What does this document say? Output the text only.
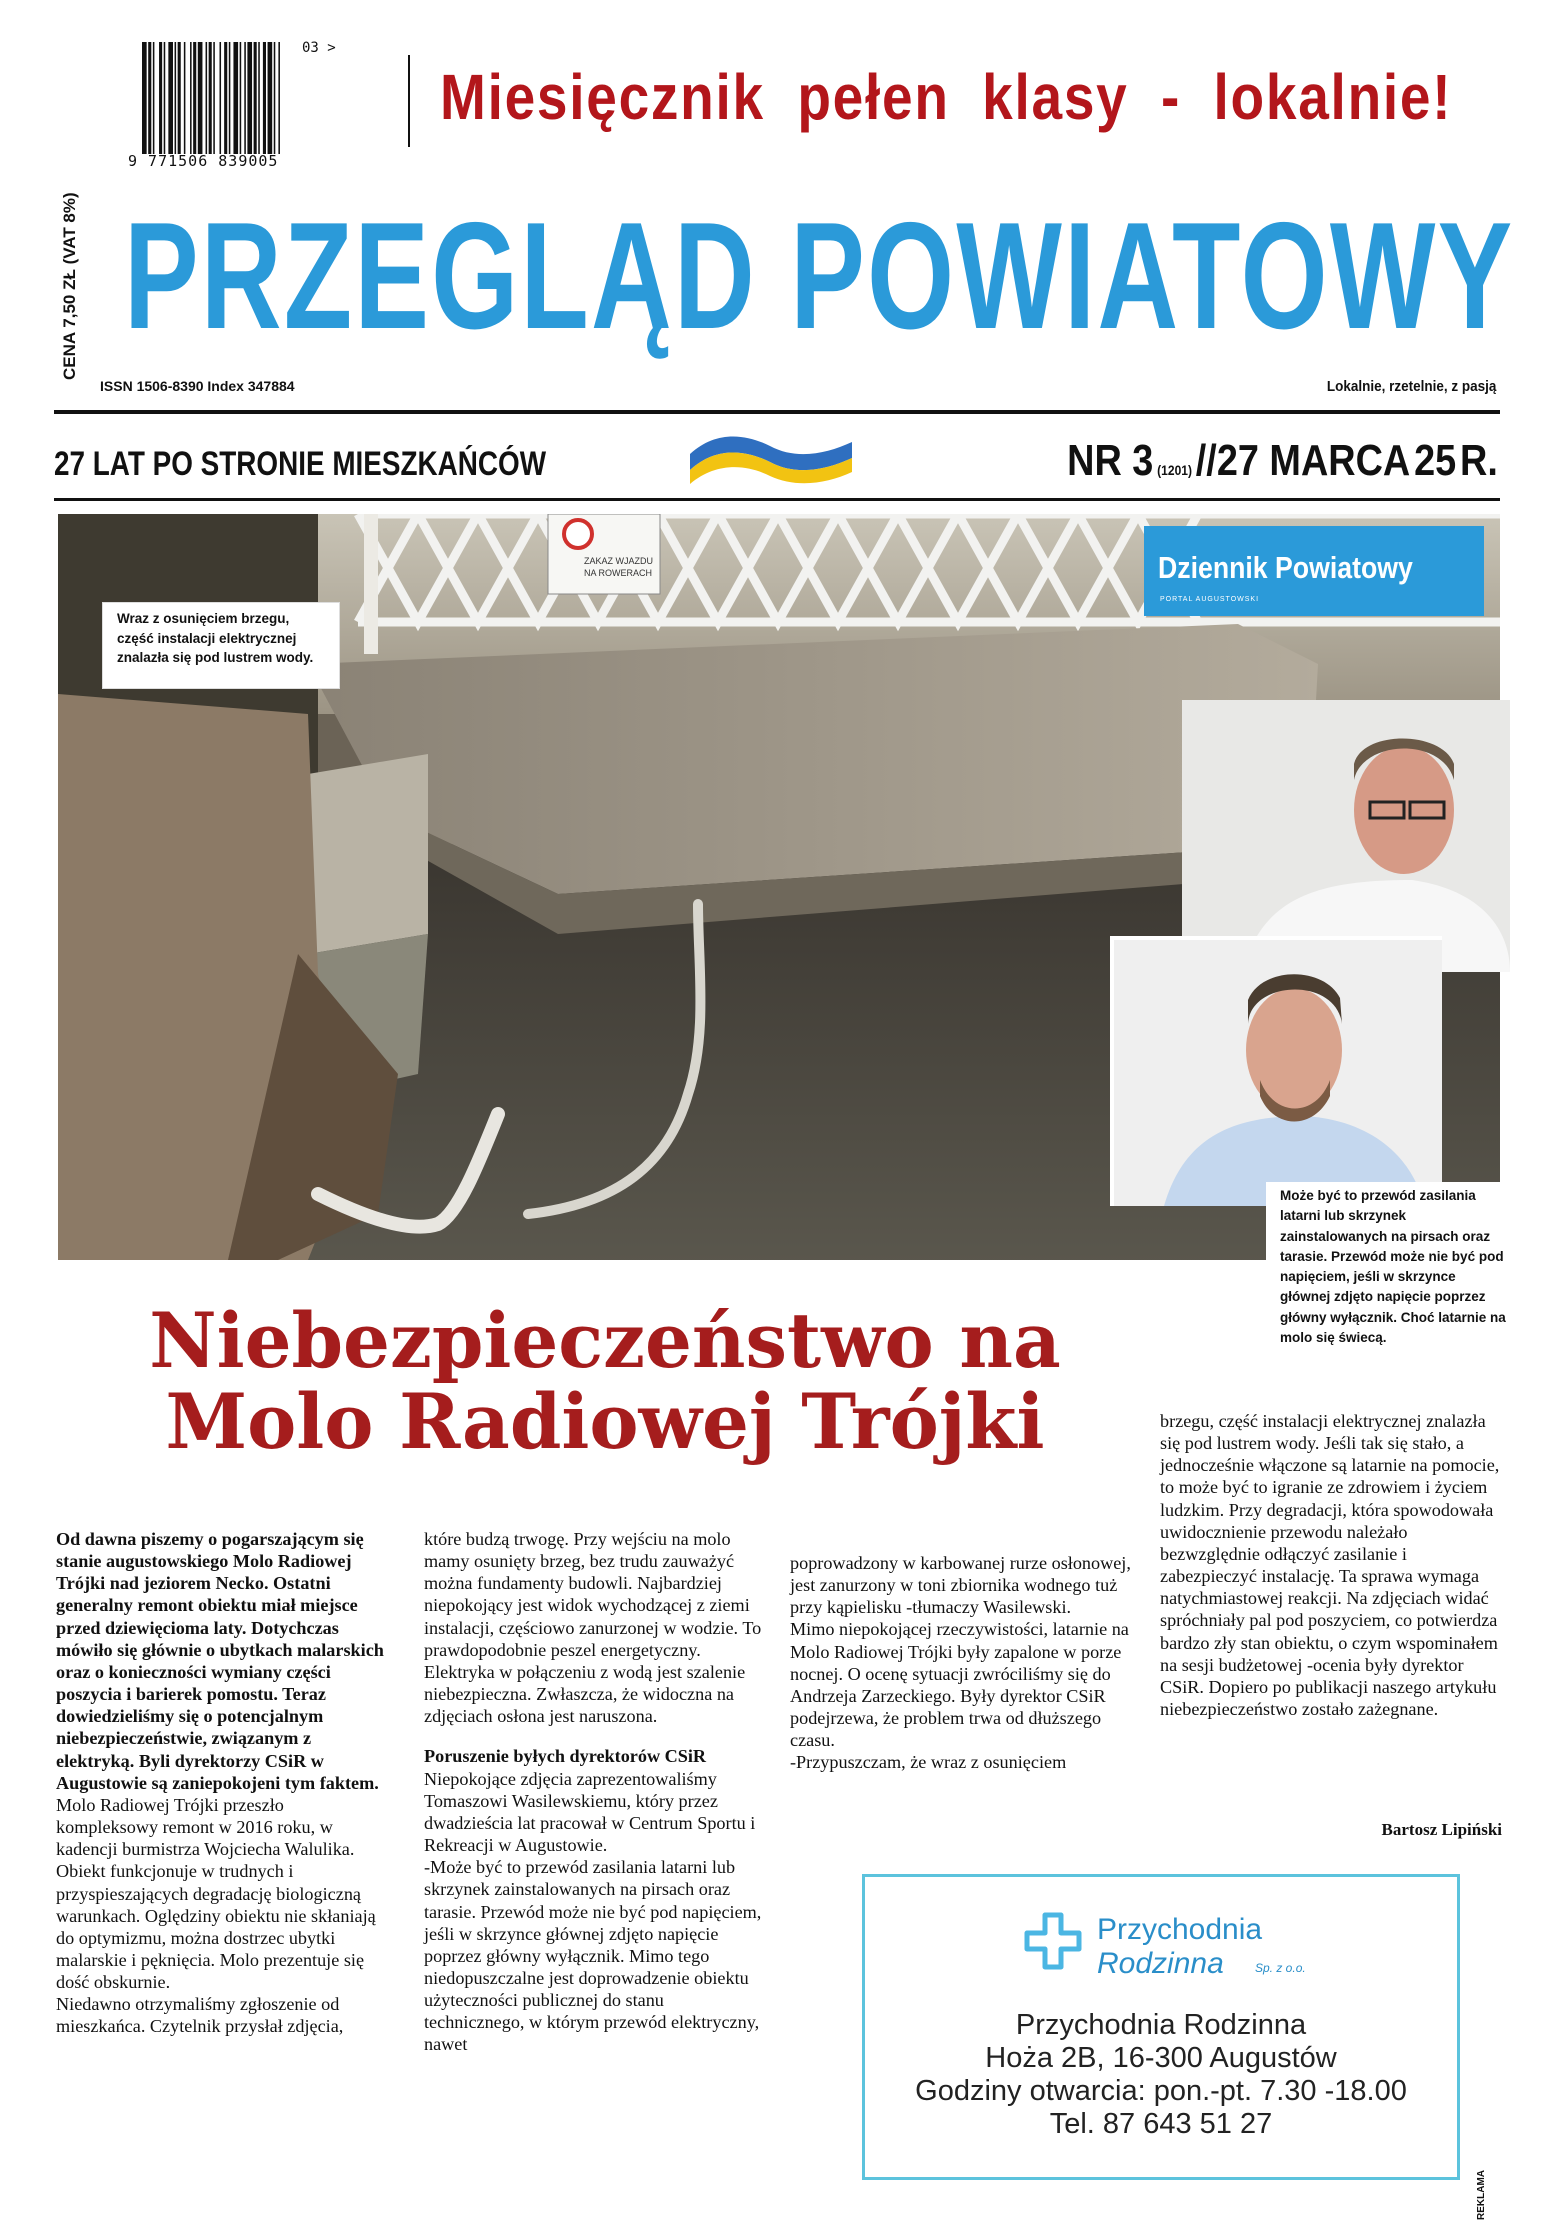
03 >
9 771506 839005
CENA 7,50 ZŁ (VAT 8%)
Miesięcznik pełen klasy - lokalnie!
PRZEGLĄD POWIATOWY
ISSN 1506-8390 Index 347884	Lokalnie, rzetelnie, z pasją
27 LAT PO STRONIE MIESZKAŃCÓW	NR 3 (1201) //27 MARCA 25 R.
ZAKAZ WJAZDU
NA ROWERACH
Wraz z osunięciem brzegu, część instalacji elektrycznej znalazła się pod lustrem wody.
Dziennik Powiatowy
PORTAL AUGUSTOWSKI
Może być to przewód zasilania latarni lub skrzynek zainstalowanych na pirsach oraz tarasie. Przewód może nie być pod napięciem, jeśli w skrzynce głównej zdjęto napięcie poprzez główny wyłącznik. Choć latarnie na molo się świecą.
Niebezpieczeństwo na
Molo Radiowej Trójki

Od dawna piszemy o pogarszającym się stanie augustowskiego Molo Radiowej Trójki nad jeziorem Necko. Ostatni generalny remont obiektu miał miejsce przed dziewięcioma laty. Dotychczas mówiło się głównie o ubytkach malarskich oraz o konieczności wymiany części poszycia i barierek pomostu. Teraz dowiedzieliśmy się o potencjalnym niebezpieczeństwie, związanym z elektryką. Byli dyrektorzy CSiR w Augustowie są zaniepokojeni tym faktem.

Molo Radiowej Trójki przeszło kompleksowy remont w 2016 roku, w kadencji burmistrza Wojciecha Walulika. Obiekt funkcjonuje w trudnych i przyspieszających degradację biologiczną warunkach. Oględziny obiektu nie skłaniają do optymizmu, można dostrzec ubytki malarskie i pęknięcia. Molo prezentuje się dość obskurnie.

Niedawno otrzymaliśmy zgłoszenie od mieszkańca. Czytelnik przysłał zdjęcia,

które budzą trwogę. Przy wejściu na molo mamy osunięty brzeg, bez trudu zauważyć można fundamenty budowli. Najbardziej niepokojący jest widok wychodzącej z ziemi instalacji, częściowo zanurzonej w wodzie. To prawdopodobnie peszel energetyczny. Elektryka w połączeniu z wodą jest szalenie niebezpieczna. Zwłaszcza, że widoczna na zdjęciach osłona jest naruszona.

Poruszenie byłych dyrektorów CSiR

Niepokojące zdjęcia zaprezentowaliśmy Tomaszowi Wasilewskiemu, który przez dwadzieścia lat pracował w Centrum Sportu i Rekreacji w Augustowie.

-Może być to przewód zasilania latarni lub skrzynek zainstalowanych na pirsach oraz tarasie. Przewód może nie być pod napięciem, jeśli w skrzynce głównej zdjęto napięcie poprzez główny wyłącznik. Mimo tego niedopuszczalne jest doprowadzenie obiektu użyteczności publicznej do stanu technicznego, w którym przewód elektryczny, nawet

poprowadzony w karbowanej rurze osłonowej, jest zanurzony w toni zbiornika wodnego tuż przy kąpielisku -tłumaczy Wasilewski.

Mimo niepokojącej rzeczywistości, latarnie na Molo Radiowej Trójki były zapalone w porze nocnej. O ocenę sytuacji zwróciliśmy się do Andrzeja Zarzeckiego. Były dyrektor CSiR podejrzewa, że problem trwa od dłuższego czasu.

-Przypuszczam, że wraz z osunięciem

brzegu, część instalacji elektrycznej znalazła się pod lustrem wody. Jeśli tak się stało, a jednocześnie włączone są latarnie na pomocie, to może być to igranie ze zdrowiem i życiem ludzkim. Przy degradacji, która spowodowała uwidocznienie przewodu należało bezwzględnie odłączyć zasilanie i zabezpieczyć instalację. Ta sprawa wymaga natychmiastowej reakcji. Na zdjęciach widać spróchniały pal pod poszyciem, co potwierdza bardzo zły stan obiektu, o czym wspominałem na sesji budżetowej -ocenia były dyrektor CSiR. Dopiero po publikacji naszego artykułu niebezpieczeństwo zostało zażegnane.

Bartosz Lipiński
Przychodnia
Rodzinna	Sp. z o.o.
Przychodnia Rodzinna
Hoża 2B, 16-300 Augustów
Godziny otwarcia: pon.-pt. 7.30 -18.00
Tel. 87 643 51 27
REKLAMA
